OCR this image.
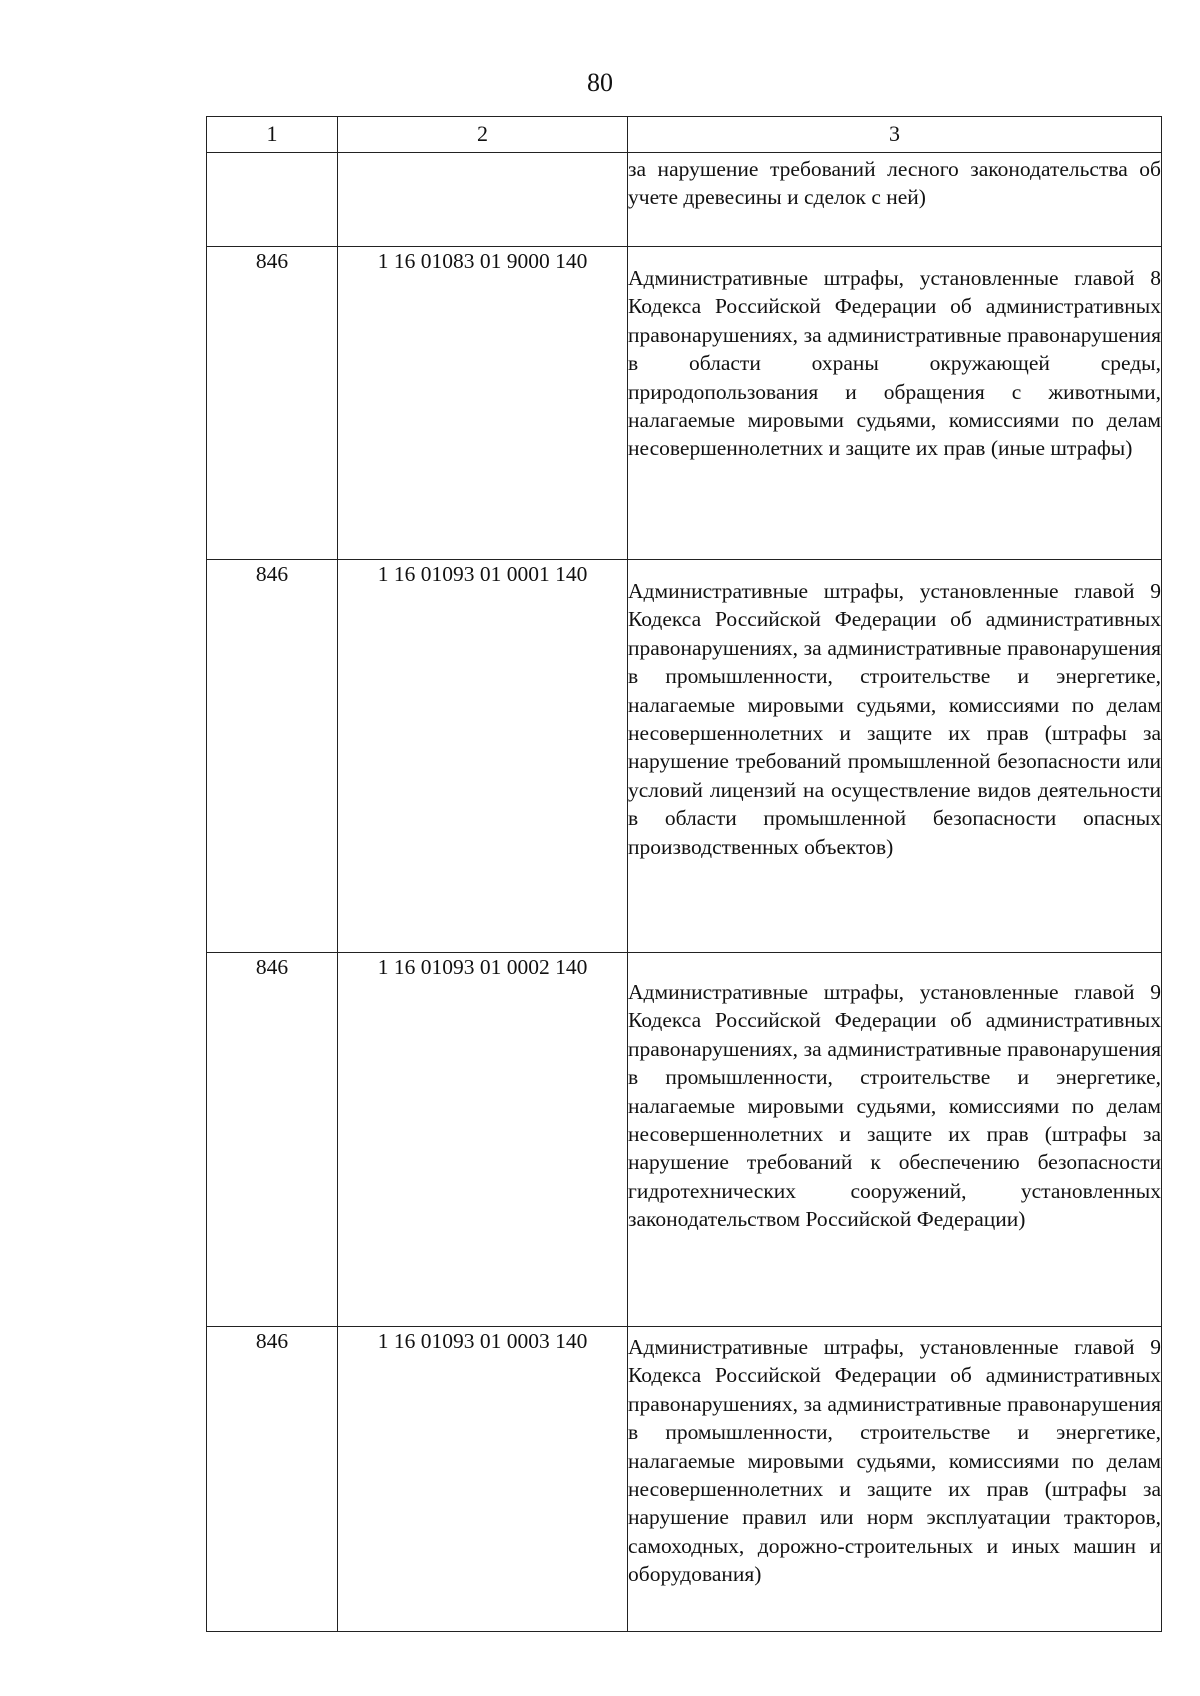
80
1	2	3

		за нарушение требований лесного законодательства об учете древесины и сделок с ней)

846	1 16 01083 01 9000 140	Административные штрафы, установленные главой 8 Кодекса Российской Федерации об административных правонарушениях, за административные правонарушения в области охраны окружающей среды, природопользования и обращения с животными, налагаемые мировыми судьями, комиссиями по делам несовершеннолетних и защите их прав (иные штрафы)

846	1 16 01093 01 0001 140	Административные штрафы, установленные главой 9 Кодекса Российской Федерации об административных правонарушениях, за административные правонарушения в промышленности, строительстве и энергетике, налагаемые мировыми судьями, комиссиями по делам несовершеннолетних и защите их прав (штрафы за нарушение требований промышленной безопасности или условий лицензий на осуществление видов деятельности в области промышленной безопасности опасных производственных объектов)

846	1 16 01093 01 0002 140	Административные штрафы, установленные главой 9 Кодекса Российской Федерации об административных правонарушениях, за административные правонарушения в промышленности, строительстве и энергетике, налагаемые мировыми судьями, комиссиями по делам несовершеннолетних и защите их прав (штрафы за нарушение требований к обеспечению безопасности гидротехнических сооружений, установленных законодательством Российской Федерации)

846	1 16 01093 01 0003 140	Административные штрафы, установленные главой 9 Кодекса Российской Федерации об административных правонарушениях, за административные правонарушения в промышленности, строительстве и энергетике, налагаемые мировыми судьями, комиссиями по делам несовершеннолетних и защите их прав (штрафы за нарушение правил или норм эксплуатации тракторов, самоходных, дорожно-строительных и иных машин и оборудования)
